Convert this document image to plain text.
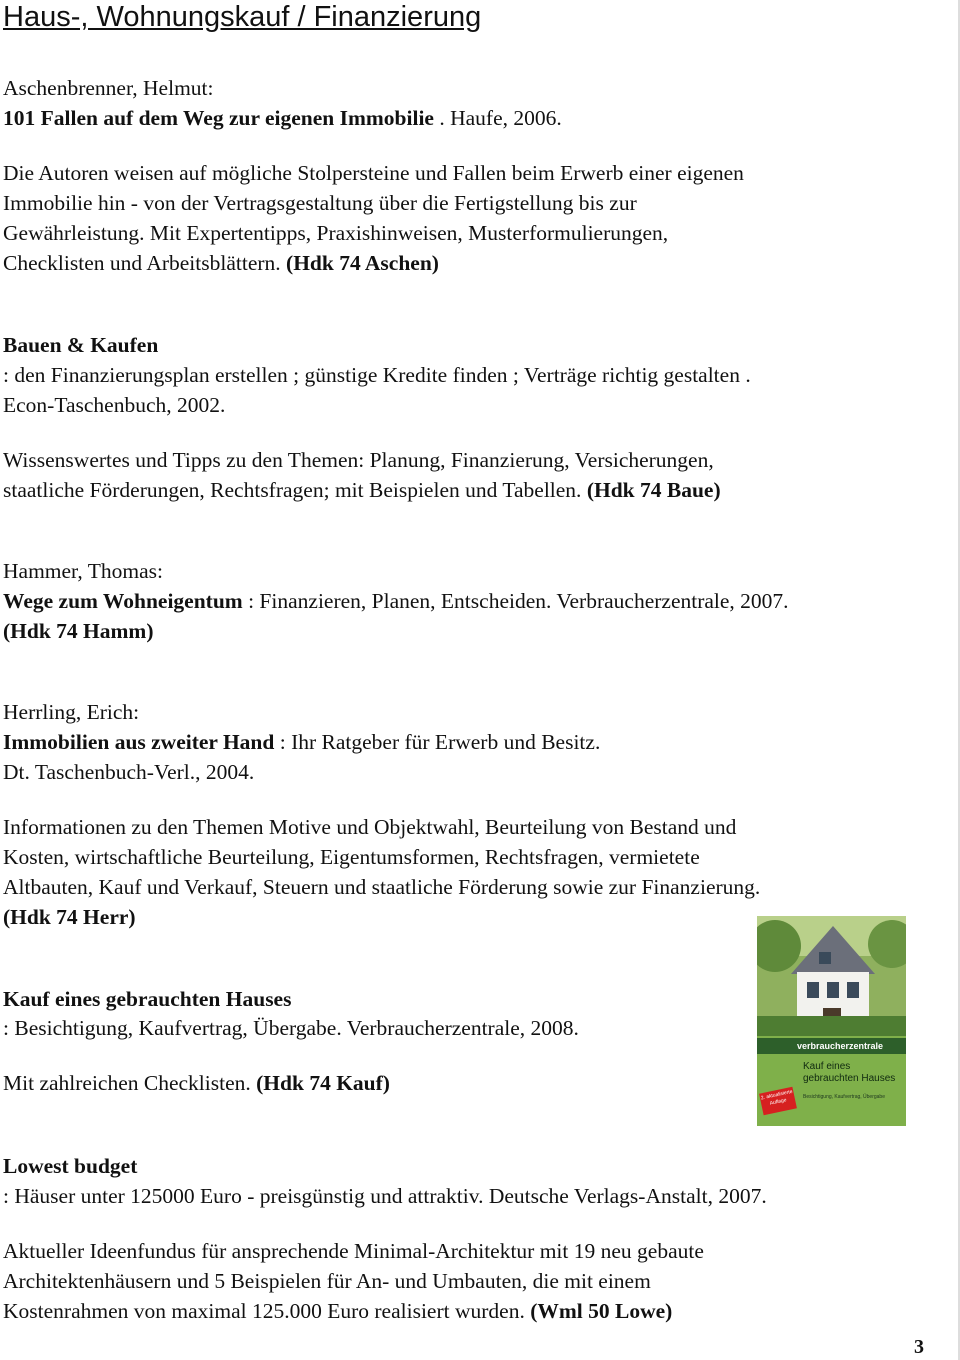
Haus-, Wohnungskauf / Finanzierung
Aschenbrenner, Helmut:
101 Fallen auf dem Weg zur eigenen Immobilie . Haufe, 2006.
Die Autoren weisen auf mögliche Stolpersteine und Fallen beim Erwerb einer eigenen
Immobilie hin - von der Vertragsgestaltung über die Fertigstellung bis zur
Gewährleistung. Mit Expertentipps, Praxishinweisen, Musterformulierungen,
Checklisten und Arbeitsblättern. (Hdk 74 Aschen)
Bauen & Kaufen
: den Finanzierungsplan erstellen ; günstige Kredite finden ; Verträge richtig gestalten .
Econ-Taschenbuch, 2002.
Wissenswertes und Tipps zu den Themen: Planung, Finanzierung, Versicherungen,
staatliche Förderungen, Rechtsfragen; mit Beispielen und Tabellen. (Hdk 74 Baue)
Hammer, Thomas:
Wege zum Wohneigentum : Finanzieren, Planen, Entscheiden. Verbraucherzentrale, 2007.
(Hdk 74 Hamm)
Herrling, Erich:
Immobilien aus zweiter Hand : Ihr Ratgeber für Erwerb und Besitz.
Dt. Taschenbuch-Verl., 2004.
Informationen zu den Themen Motive und Objektwahl, Beurteilung von Bestand und
Kosten, wirtschaftliche Beurteilung, Eigentumsformen, Rechtsfragen, vermietete
Altbauten, Kauf und Verkauf, Steuern und staatliche Förderung sowie zur Finanzierung.
(Hdk 74 Herr)
Kauf eines gebrauchten Hauses
: Besichtigung, Kaufvertrag, Übergabe. Verbraucherzentrale, 2008.
Mit zahlreichen Checklisten. (Hdk 74 Kauf)
verbraucherzentrale
Kauf eines
gebrauchten Hauses
Besichtigung, Kaufvertrag, Übergabe
2. aktualisierte Auflage
Lowest budget
: Häuser unter 125000 Euro - preisgünstig und attraktiv. Deutsche Verlags-Anstalt, 2007.
Aktueller Ideenfundus für ansprechende Minimal-Architektur mit 19 neu gebaute
Architektenhäusern und 5 Beispielen für An- und Umbauten, die mit einem
Kostenrahmen von maximal 125.000 Euro realisiert wurden. (Wml 50 Lowe)
3
